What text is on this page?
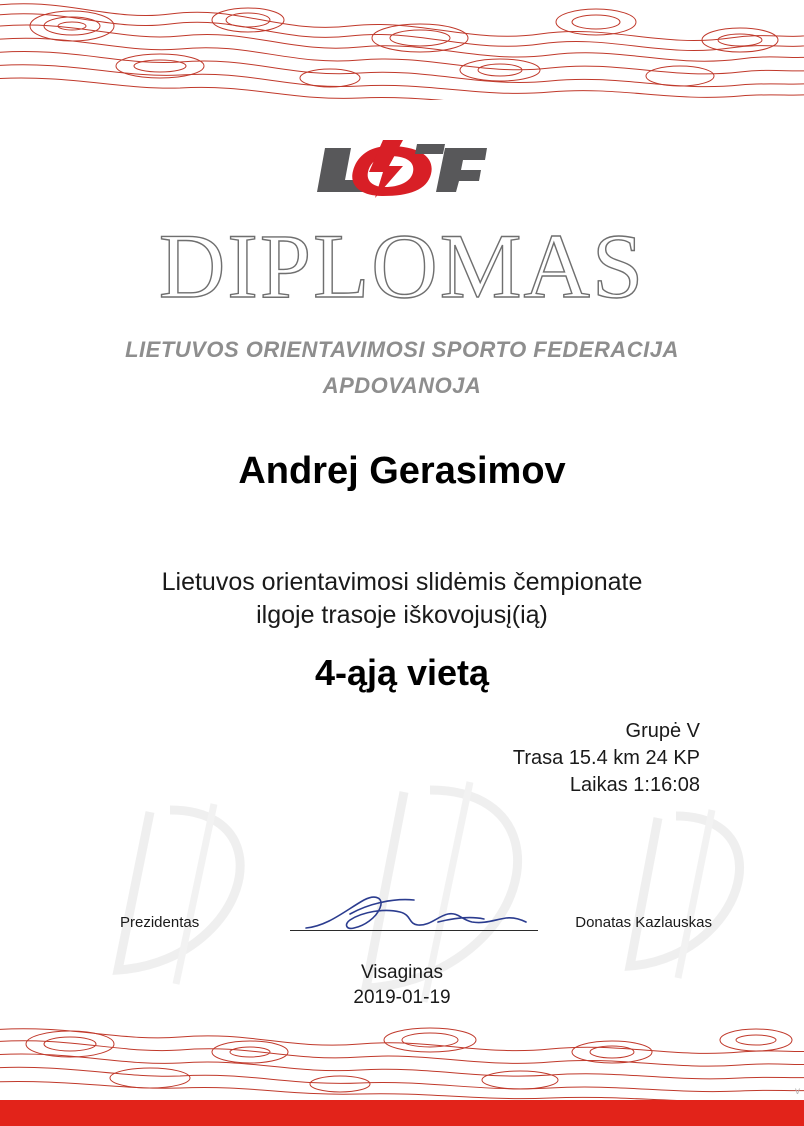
DIPLOMAS
LIETUVOS ORIENTAVIMOSI SPORTO FEDERACIJA
APDOVANOJA
Andrej Gerasimov
Lietuvos orientavimosi slidėmis čempionate
ilgoje trasoje iškovojusį(ią)
4-ąją vietą
Grupė V
Trasa 15.4 km 24 KP
Laikas 1:16:08
Prezidentas	Donatas Kazlauskas
Visaginas
2019-01-19
v
